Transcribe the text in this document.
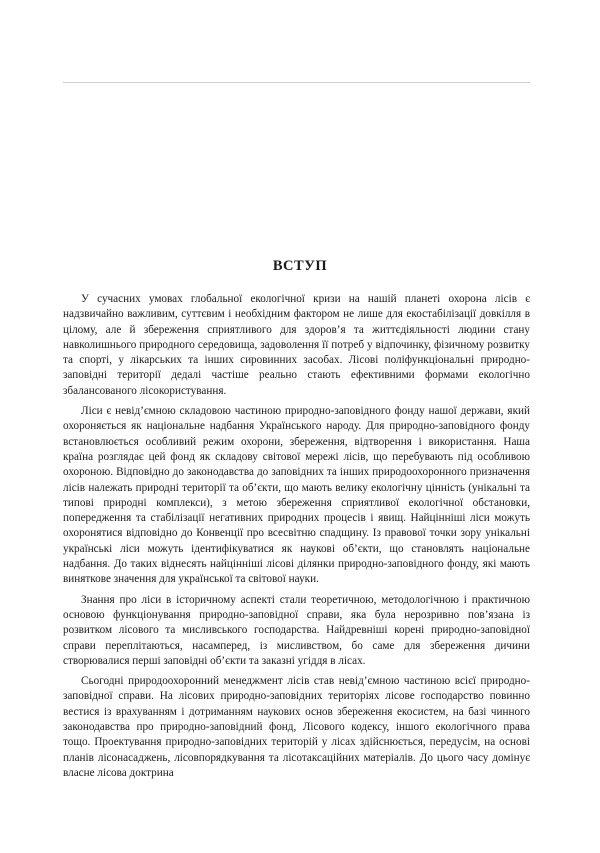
ВСТУП

У сучасних умовах глобальної екологічної кризи на нашій планеті охорона лісів є надзвичайно важливим, суттєвим і необхідним фактором не лише для екостабілізації довкілля в цілому, але й збереження сприятливого для здоров’я та життєдіяльності людини стану навколишнього природного середовища, задоволення її потреб у відпочинку, фізичному розвитку та спорті, у лікарських та інших сировинних засобах. Лісові поліфункціональні природно-заповідні території дедалі частіше реально стають ефективними формами екологічно збалансованого лісокористування.

Ліси є невід’ємною складовою частиною природно-заповідного фонду нашої держави, який охороняється як національне надбання Українського народу. Для природно-заповідного фонду встановлюється особливий режим охорони, збереження, відтворення і використання. Наша країна розглядає цей фонд як складову світової мережі лісів, що перебувають під особливою охороною. Відповідно до законодавства до заповідних та інших природоохоронного призначення лісів належать природні території та об’єкти, що мають велику екологічну цінність (унікальні та типові природні комплекси), з метою збереження сприятливої екологічної обстановки, попередження та стабілізації негативних природних процесів і явищ. Найцінніші ліси можуть охоронятися відповідно до Конвенції про всесвітню спадщину. Із правової точки зору унікальні українські ліси можуть ідентифікуватися як наукові об’єкти, що становлять національне надбання. До таких віднесять найцінніші лісові ділянки природно-заповідного фонду, які мають виняткове значення для української та світової науки.

Знання про ліси в історичному аспекті стали теоретичною, методологічною і практичною основою функціонування природно-заповідної справи, яка була нерозривно пов’язана із розвитком лісового та мисливського господарства. Найдревніші корені природно-заповідної справи переплітаються, насамперед, із мисливством, бо саме для збереження дичини створювалися перші заповідні об’єкти та заказні угіддя в лісах.

Сьогодні природоохоронний менеджмент лісів став невід’ємною частиною всієї природно-заповідної справи. На лісових природно-заповідних територіях лісове господарство повинно вестися із врахуванням і дотриманням наукових основ збереження екосистем, на базі чинного законодавства про природно-заповідний фонд, Лісового кодексу, іншого екологічного права тощо. Проектування природно-заповідних територій у лісах здійснюється, передусім, на основі планів лісонасаджень, лісовпорядкування та лісотаксаційних матеріалів. До цього часу домінує власне лісова доктрина
